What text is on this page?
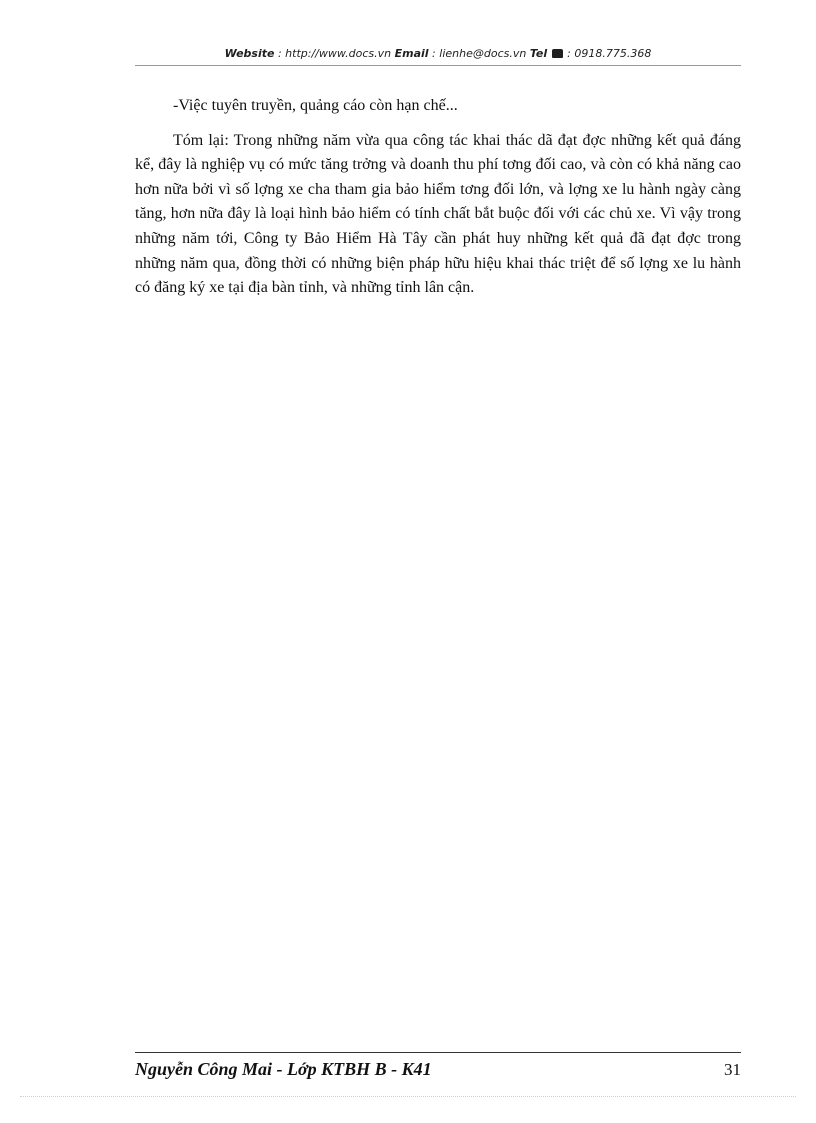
Website : http://www.docs.vn Email : lienhe@docs.vn Tel  : 0918.775.368

-Việc tuyên truyền, quảng cáo còn hạn chế...

Tóm lại: Trong những năm vừa qua công tác khai thác dã đạt đợc những kết quả đáng kể, đây là nghiệp vụ có mức tăng trởng và doanh thu phí tơng đối cao, và còn có khả năng cao hơn nữa bởi vì số lợng xe cha tham gia bảo hiểm tơng đối lớn, và lợng xe lu hành ngày càng tăng, hơn nữa đây là loại hình bảo hiểm có tính chất bắt buộc đối với các chủ xe. Vì vậy trong những năm tới, Công ty Bảo Hiểm Hà Tây cần phát huy những kết quả đã đạt đợc trong những năm qua, đồng thời có những biện pháp hữu hiệu khai thác triệt để số lợng xe lu hành có đăng ký xe tại địa bàn tỉnh, và những tỉnh lân cận.

Nguyễn Công Mai - Lớp KTBH B - K41	31
